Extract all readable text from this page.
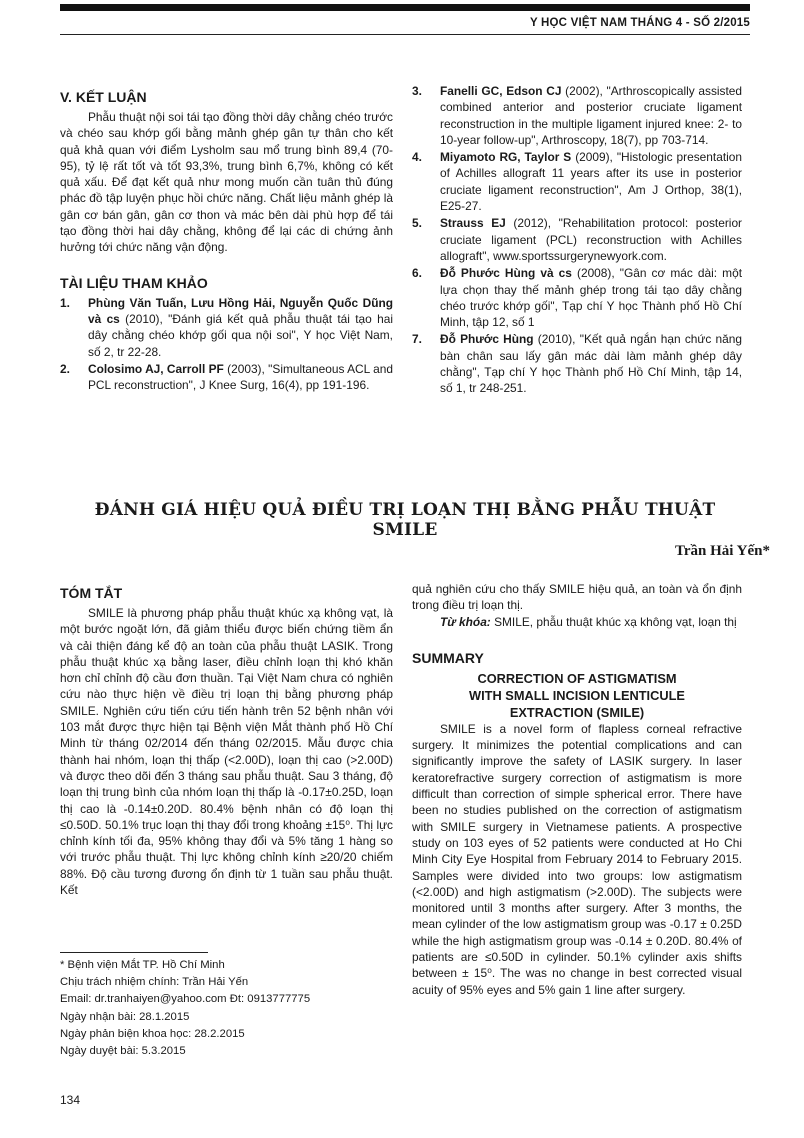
Y HỌC VIỆT NAM THÁNG 4 - SỐ 2/2015
V. KẾT LUẬN

Phẫu thuật nội soi tái tạo đồng thời dây chằng chéo trước và chéo sau khớp gối bằng mảnh ghép gân tự thân cho kết quả khả quan với điểm Lysholm sau mổ trung bình 89,4 (70-95), tỷ lệ rất tốt và tốt 93,3%, trung bình 6,7%, không có kết quả xấu. Để đạt kết quả như mong muốn cần tuân thủ đúng phác đồ tập luyện phục hồi chức năng. Chất liệu mảnh ghép là gân cơ bán gân, gân cơ thon và mác bên dài phù hợp để tái tạo đồng thời hai dây chằng, không để lại các di chứng ảnh hưởng tới chức năng vận động.

TÀI LIỆU THAM KHẢO
1. Phùng Văn Tuấn, Lưu Hồng Hải, Nguyễn Quốc Dũng và cs (2010), "Đánh giá kết quả phẫu thuật tái tạo hai dây chằng chéo khớp gối qua nội soi", Y học Việt Nam, số 2, tr 22-28.
2. Colosimo AJ, Carroll PF (2003), "Simultaneous ACL and PCL reconstruction", J Knee Surg, 16(4), pp 191-196.
3. Fanelli GC, Edson CJ (2002), "Arthroscopically assisted combined anterior and posterior cruciate ligament reconstruction in the multiple ligament injured knee: 2- to 10-year follow-up", Arthroscopy, 18(7), pp 703-714.
4. Miyamoto RG, Taylor S (2009), "Histologic presentation of Achilles allograft 11 years after its use in posterior cruciate ligament reconstruction", Am J Orthop, 38(1), E25-27.
5. Strauss EJ (2012), "Rehabilitation protocol: posterior cruciate ligament (PCL) reconstruction with Achilles allograft", www.sportssurgerynewyork.com.
6. Đỗ Phước Hùng và cs (2008), "Gân cơ mác dài: một lựa chọn thay thế mảnh ghép trong tái tạo dây chằng chéo trước khớp gối", Tạp chí Y học Thành phố Hồ Chí Minh, tập 12, số 1
7. Đỗ Phước Hùng (2010), "Kết quả ngắn hạn chức năng bàn chân sau lấy gân mác dài làm mảnh ghép dây chằng", Tạp chí Y học Thành phố Hồ Chí Minh, tập 14, số 1, tr 248-251.
ĐÁNH GIÁ HIỆU QUẢ ĐIỀU TRỊ LOẠN THỊ BẰNG PHẪU THUẬT SMILE
Trần Hải Yến*
TÓM TẮT

SMILE là phương pháp phẫu thuật khúc xạ không vạt, là một bước ngoặt lớn, đã giảm thiểu được biến chứng tiềm ẩn và cải thiện đáng kể độ an toàn của phẫu thuật LASIK. Trong phẫu thuật khúc xạ bằng laser, điều chỉnh loạn thị khó khăn hơn chỉ chỉnh độ cầu đơn thuần. Tại Việt Nam chưa có nghiên cứu nào thực hiện về điều trị loạn thị bằng phương pháp SMILE. Nghiên cứu tiến cứu tiến hành trên 52 bệnh nhân với 103 mắt được thực hiện tại Bệnh viện Mắt thành phố Hồ Chí Minh từ tháng 02/2014 đến tháng 02/2015. Mẫu được chia thành hai nhóm, loạn thị thấp (<2.00D), loạn thị cao (>2.00D) và được theo dõi đến 3 tháng sau phẫu thuật. Sau 3 tháng, độ loạn thị trung bình của nhóm loạn thị thấp là -0.17±0.25D, loạn thị cao là -0.14±0.20D. 80.4% bệnh nhân có độ loạn thị ≤0.50D. 50.1% trục loạn thị thay đổi trong khoảng ±15⁰. Thị lực chỉnh kính tối đa, 95% không thay đổi và 5% tăng 1 hàng so với trước phẫu thuật. Thị lực không chỉnh kính ≥20/20 chiếm 88%. Độ cầu tương đương ổn định từ 1 tuần sau phẫu thuật. Kết

quả nghiên cứu cho thấy SMILE hiệu quả, an toàn và ổn định trong điều trị loạn thị.

Từ khóa: SMILE, phẫu thuật khúc xạ không vạt, loạn thị

SUMMARY
CORRECTION OF ASTIGMATISM
WITH SMALL INCISION LENTICULE
EXTRACTION (SMILE)

SMILE is a novel form of flapless corneal refractive surgery. It minimizes the potential complications and can significantly improve the safety of LASIK surgery. In laser keratorefractive surgery correction of astigmatism is more difficult than correction of simple spherical error. There have been no studies published on the correction of astigmatism with SMILE surgery in Vietnamese patients. A prospective study on 103 eyes of 52 patients were conducted at Ho Chi Minh City Eye Hospital from February 2014 to February 2015. Samples were divided into two groups: low astigmatism (<2.00D) and high astigmatism (>2.00D). The subjects were monitored until 3 months after surgery. After 3 months, the mean cylinder of the low astigmatism group was -0.17 ± 0.25D while the high astigmatism group was -0.14 ± 0.20D. 80.4% of patients are ≤0.50D in cylinder. 50.1% cylinder axis shifts between ± 15⁰. The was no change in best corrected visual acuity of 95% eyes and 5% gain 1 line after surgery.

* Bệnh viện Mắt TP. Hồ Chí Minh
Chịu trách nhiệm chính: Trần Hải Yến
Email: dr.tranhaiyen@yahoo.com Đt: 0913777775
Ngày nhận bài: 28.1.2015
Ngày phản biện khoa học: 28.2.2015
Ngày duyệt bài: 5.3.2015
134
